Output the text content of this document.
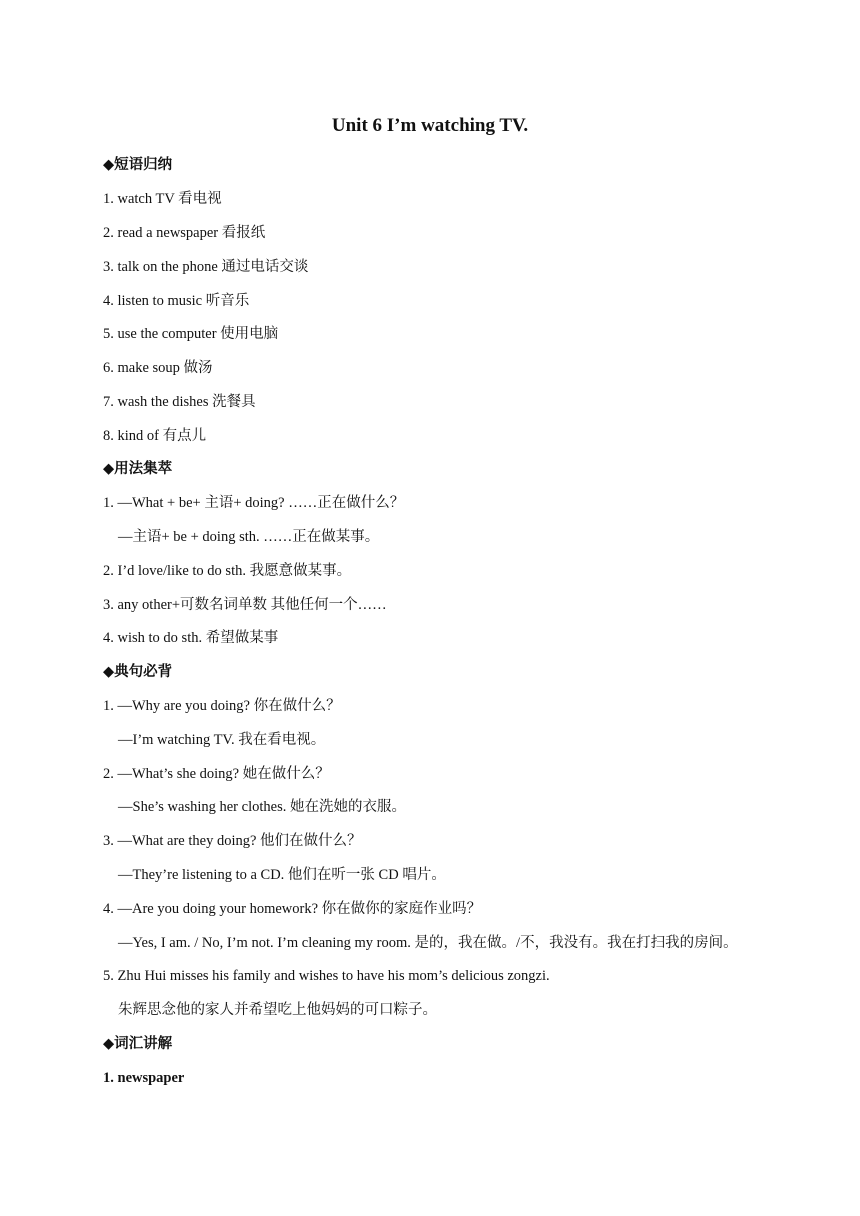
Unit 6 I’m watching TV.
◆短语归纳
1. watch TV 看电视
2. read a newspaper 看报纸
3. talk on the phone 通过电话交谈
4. listen to music 听音乐
5. use the computer 使用电脑
6. make soup 做汤
7. wash the dishes 洗餐具
8. kind of 有点儿
◆用法集萃
1. —What + be+ 主语+ doing? ……正在做什么？
—主语+ be + doing sth. ……正在做某事。
2. I’d love/like to do sth. 我愿意做某事。
3. any other+可数名词单数 其他任何一个……
4. wish to do sth. 希望做某事
◆典句必背
1. —Why are you doing? 你在做什么？
—I’m watching TV. 我在看电视。
2. —What’s she doing? 她在做什么？
—She’s washing her clothes. 她在洗她的衣服。
3. —What are they doing? 他们在做什么？
—They’re listening to a CD. 他们在听一张 CD 唱片。
4. —Are you doing your homework? 你在做你的家庭作业吗？
—Yes, I am. / No, I’m not. I’m cleaning my room. 是的，我在做。/不，我没有。我在打扫我的房间。
5. Zhu Hui misses his family and wishes to have his mom’s delicious zongzi.
朱辉思念他的家人并希望吃上他妈妈的可口粽子。
◆词汇讲解
1. newspaper
